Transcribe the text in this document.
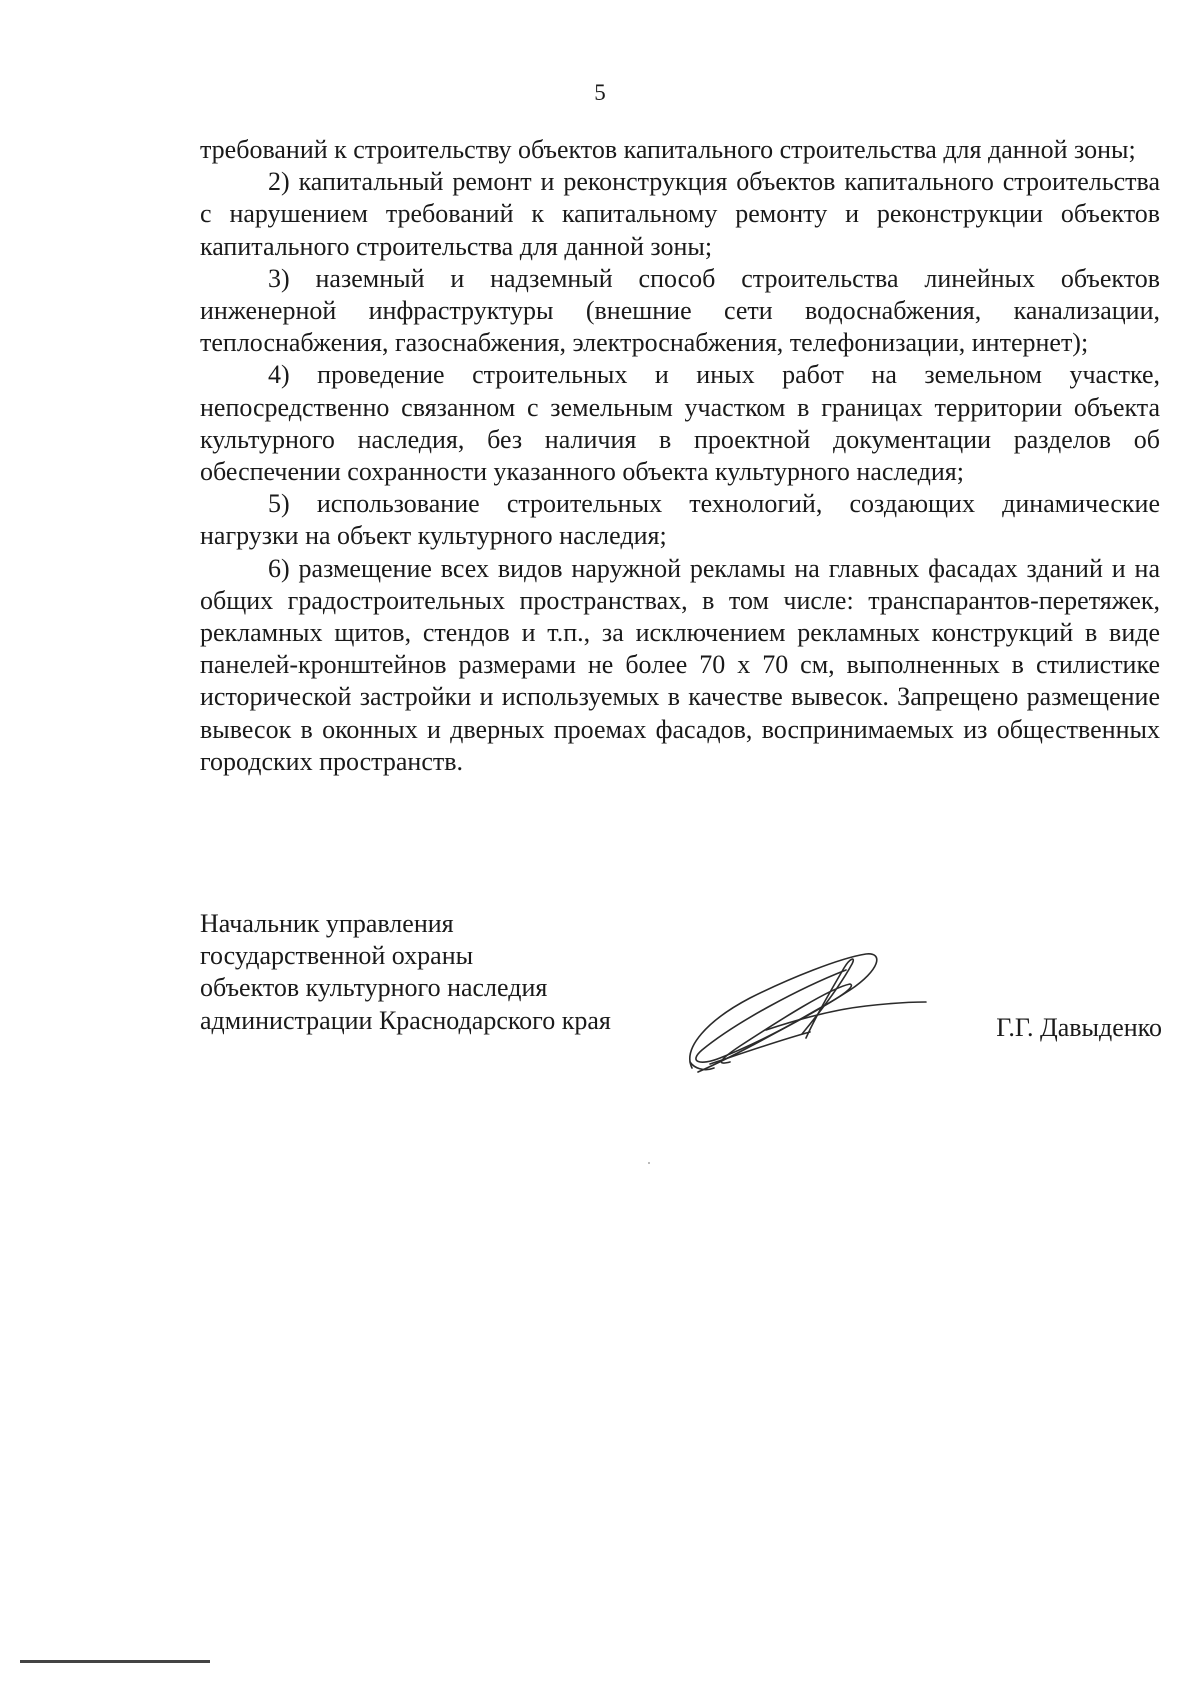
5

требований к строительству объектов капитального строительства для данной зоны;

2) капитальный ремонт и реконструкция объектов капитального строительства с нарушением требований к капитальному ремонту и реконструкции объектов капитального строительства для данной зоны;

3) наземный и надземный способ строительства линейных объектов инженерной инфраструктуры (внешние сети водоснабжения, канализации, теплоснабжения, газоснабжения, электроснабжения, телефонизации, интернет);

4) проведение строительных и иных работ на земельном участке, непосредственно связанном с земельным участком в границах территории объекта культурного наследия, без наличия в проектной документации разделов об обеспечении сохранности указанного объекта культурного наследия;

5) использование строительных технологий, создающих динамические нагрузки на объект культурного наследия;

6) размещение всех видов наружной рекламы на главных фасадах зданий и на общих градостроительных пространствах, в том числе: транспарантов-перетяжек, рекламных щитов, стендов и т.п., за исключением рекламных конструкций в виде панелей-кронштейнов размерами не более 70 х 70 см, выполненных в стилистике исторической застройки и используемых в качестве вывесок. Запрещено размещение вывесок в оконных и дверных проемах фасадов, воспринимаемых из общественных городских пространств.

Начальник управления
государственной охраны
объектов культурного наследия
администрации Краснодарского края	Г.Г. Давыденко
